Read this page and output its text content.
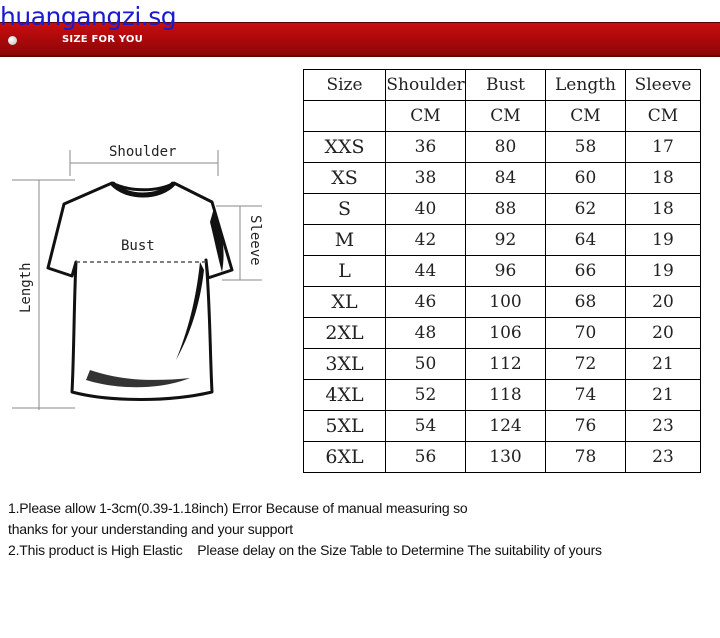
SIZE FOR YOU
huangangzi.sg
Shoulder
Bust
Length
Sleeve
Size	Shoulder	Bust	Length	Sleeve
	CM	CM	CM	CM
XXS	36	80	58	17
XS	38	84	60	18
S	40	88	62	18
M	42	92	64	19
L	44	96	66	19
XL	46	100	68	20
2XL	48	106	70	20
3XL	50	112	72	21
4XL	52	118	74	21
5XL	54	124	76	23
6XL	56	130	78	23
1.Please allow 1-3cm(0.39-1.18inch) Error Because of manual measuring so
thanks for your understanding and your support
2.This product is High Elastic    Please delay on the Size Table to Determine The suitability of yours
